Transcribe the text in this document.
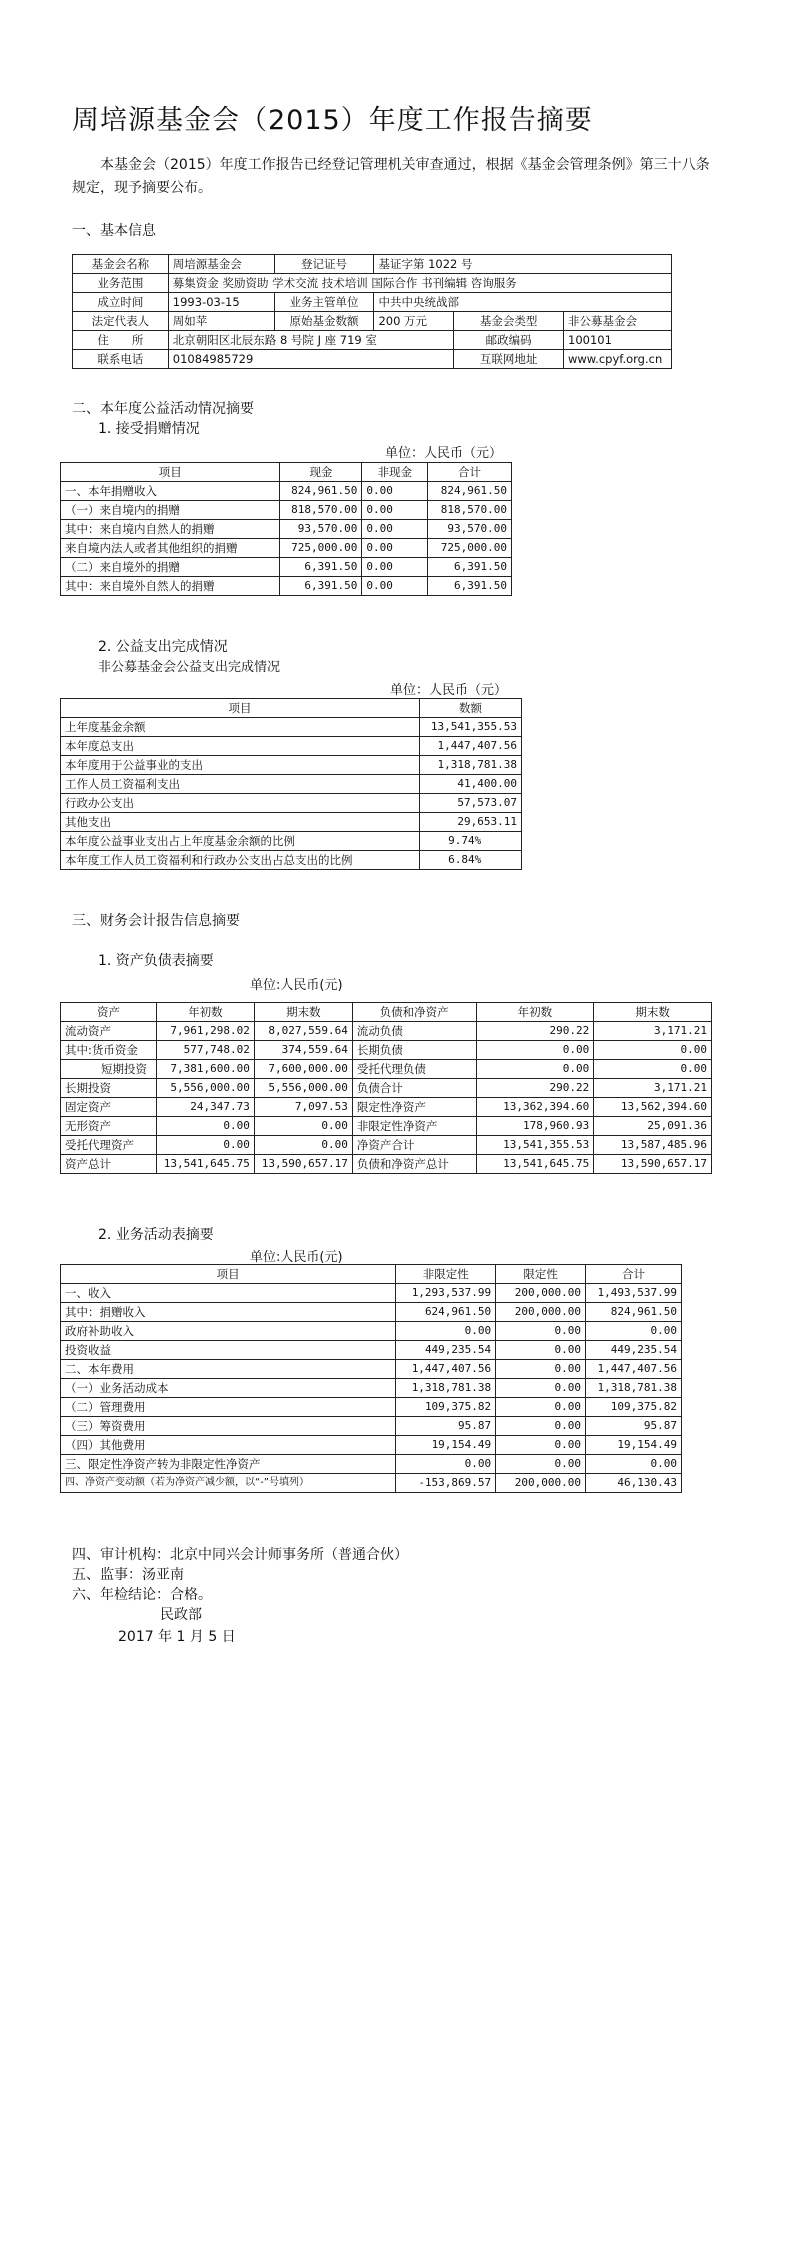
周培源基金会（2015）年度工作报告摘要
本基金会（2015）年度工作报告已经登记管理机关审查通过，根据《基金会管理条例》第三十八条规定，现予摘要公布。
一、基本信息
基金会名称	周培源基金会	登记证号	基证字第 1022 号		
业务范围	募集资金 奖励资助 学术交流 技术培训 国际合作 书刊编辑 咨询服务				
成立时间	1993-03-15	业务主管单位	中共中央统战部		
法定代表人	周如苹	原始基金数额	200 万元	基金会类型	非公募基金会
住　　所	北京朝阳区北辰东路 8 号院 J 座 719 室			邮政编码	100101
联系电话	01084985729			互联网地址	www.cpyf.org.cn
二、本年度公益活动情况摘要
1. 接受捐赠情况
单位：人民币（元）
项目	现金	非现金	合计
一、本年捐赠收入	824,961.50	0.00	824,961.50
（一）来自境内的捐赠	818,570.00	0.00	818,570.00
其中：来自境内自然人的捐赠	93,570.00	0.00	93,570.00
来自境内法人或者其他组织的捐赠	725,000.00	0.00	725,000.00
（二）来自境外的捐赠	6,391.50	0.00	6,391.50
其中：来自境外自然人的捐赠	6,391.50	0.00	6,391.50
2. 公益支出完成情况
非公募基金会公益支出完成情况
单位：人民币（元）
项目	数额
上年度基金余额	13,541,355.53
本年度总支出	1,447,407.56
本年度用于公益事业的支出	1,318,781.38
工作人员工资福利支出	41,400.00
行政办公支出	57,573.07
其他支出	29,653.11
本年度公益事业支出占上年度基金余额的比例	9.74%
本年度工作人员工资福利和行政办公支出占总支出的比例	6.84%
三、财务会计报告信息摘要
1. 资产负债表摘要
单位:人民币(元)
资产	年初数	期末数	负债和净资产	年初数	期末数
流动资产	7,961,298.02	8,027,559.64	流动负债	290.22	3,171.21
其中:货币资金	577,748.02	374,559.64	长期负债	0.00	0.00
短期投资	7,381,600.00	7,600,000.00	受托代理负债	0.00	0.00
长期投资	5,556,000.00	5,556,000.00	负债合计	290.22	3,171.21
固定资产	24,347.73	7,097.53	限定性净资产	13,362,394.60	13,562,394.60
无形资产	0.00	0.00	非限定性净资产	178,960.93	25,091.36
受托代理资产	0.00	0.00	净资产合计	13,541,355.53	13,587,485.96
资产总计	13,541,645.75	13,590,657.17	负债和净资产总计	13,541,645.75	13,590,657.17
2. 业务活动表摘要
单位:人民币(元)
项目	非限定性	限定性	合计
一、收入	1,293,537.99	200,000.00	1,493,537.99
其中：捐赠收入	624,961.50	200,000.00	824,961.50
政府补助收入	0.00	0.00	0.00
投资收益	449,235.54	0.00	449,235.54
二、本年费用	1,447,407.56	0.00	1,447,407.56
（一）业务活动成本	1,318,781.38	0.00	1,318,781.38
（二）管理费用	109,375.82	0.00	109,375.82
（三）筹资费用	95.87	0.00	95.87
（四）其他费用	19,154.49	0.00	19,154.49
三、限定性净资产转为非限定性净资产	0.00	0.00	0.00
四、净资产变动额（若为净资产减少额，以“-”号填列）	-153,869.57	200,000.00	46,130.43
四、审计机构：北京中同兴会计师事务所（普通合伙）
五、监事：汤亚南
六、年检结论：合格。
民政部
2017 年 1 月 5 日
